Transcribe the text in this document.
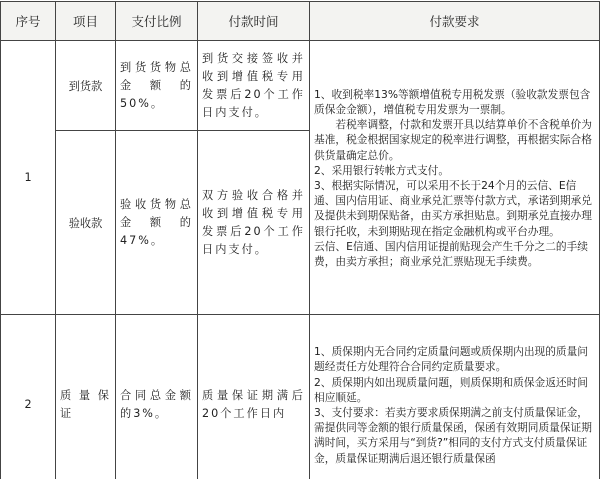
序号	项目	支付比例	付款时间	付款要求
1	到货款	到货货物总金额的50%。	到货交接签收并收到增值税专用发票后20个工作日内支付。	1、收到税率13%等额增值税专用税发票（验收款发票包含质保金金额），增值税专用发票为一票制。

若税率调整，付款和发票开具以结算单价不含税单价为基准，税金根据国家规定的税率进行调整，再根据实际合格供货量确定总价。

2、采用银行转帐方式支付。

3、根据实际情况，可以采用不长于24个月的云信、E信通、国内信用证、商业承兑汇票等付款方式，承诺到期承兑及提供未到期保贴备，由买方承担贴息。到期承兑直接办理银行托收，未到期贴现在指定金融机构或平台办理。

云信、E信通、国内信用证提前贴现会产生千分之二的手续费，由卖方承担；商业承兑汇票贴现无手续费。

	验收款	验收货物总金额的47%。	双方验收合格并收到增值税专用发票后20个工作日内支付。	
2	质量保证	合同总金额的3%。	质量保证期满后20个工作日内	1、质保期内无合同约定质量问题或质保期内出现的质量问题经责任方处理符合合同约定质量要求。

2、质保期内如出现质量问题，则质保期和质保金返还时间相应顺延。

3、支付要求：若卖方要求质保期满之前支付质量保证金，需提供同等金额的银行质量保函，保函有效期同质量保证期满时间，买方采用与“到货?”相同的支付方式支付质量保证金，质量保证期满后退还银行质量保函
